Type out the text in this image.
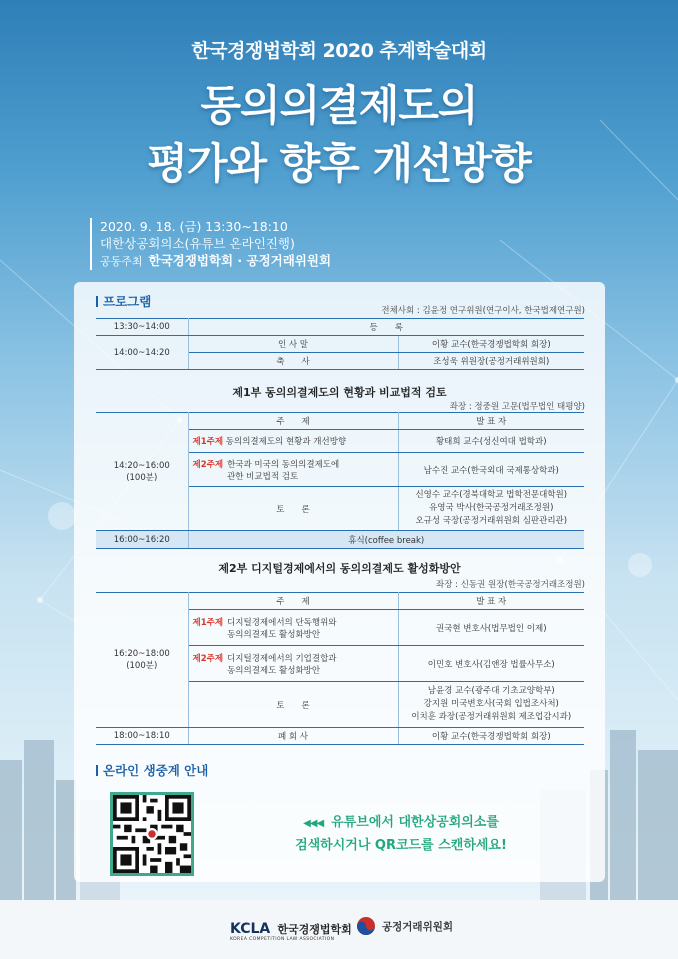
한국경쟁법학회 2020 추계학술대회
동의의결제도의
평가와 향후 개선방향
2020. 9. 18. (금) 13:30~18:10
대한상공회의소(유튜브 온라인진행)
공동주최 한국경쟁법학회 · 공정거래위원회
프로그램
전체사회 : 김윤정 연구위원(연구이사, 한국법제연구원)
13:30~14:00	등　　록	
14:00~14:20	인 사 말	이황 교수(한국경쟁법학회 회장)
	축　　사	조성욱 위원장(공정거래위원회)
제1부 동의의결제도의 현황과 비교법적 검토
좌장 : 정중원 고문(법무법인 태평양)
14:20~16:00
(100분)
	주　　제	발 표 자
제1주제 동의의결제도의 현황과 개선방향	황태희 교수(성신여대 법학과)

제2주제	한국과 미국의 동의의결제도에
관한 비교법적 검토
	남수진 교수(한국외대 국제통상학과)
토　　론	
신영수 교수(경북대학교 법학전문대학원)
유영국 박사(한국공정거래조정원)
오규성 국장(공정거래위원회 심판관리관)

16:00~16:20	휴식(coffee break)
제2부 디지털경제에서의 동의의결제도 활성화방안
좌장 : 신동권 원장(한국공정거래조정원)
16:20~18:00
(100분)
	주　　제	발 표 자

제1주제	디지털경제에서의 단독행위와
동의의결제도 활성화방안
	권국현 변호사(법무법인 이제)

제2주제	디지털경제에서의 기업결합과
동의의결제도 활성화방안
	이민호 변호사(김앤장 법률사무소)
토　　론	
남윤경 교수(광주대 기초교양학부)
강지원 미국변호사(국회 입법조사처)
이치훈 과장(공정거래위원회 제조업감시과)

18:00~18:10	폐 회 사	이황 교수(한국경쟁법학회 회장)
온라인 생중계 안내
◀◀◀ 유튜브에서 대한상공회의소를
검색하시거나 QR코드를 스캔하세요!
KCLA 한국경쟁법학회
KOREA COMPETITION LAW ASSOCIATION
공정거래위원회
